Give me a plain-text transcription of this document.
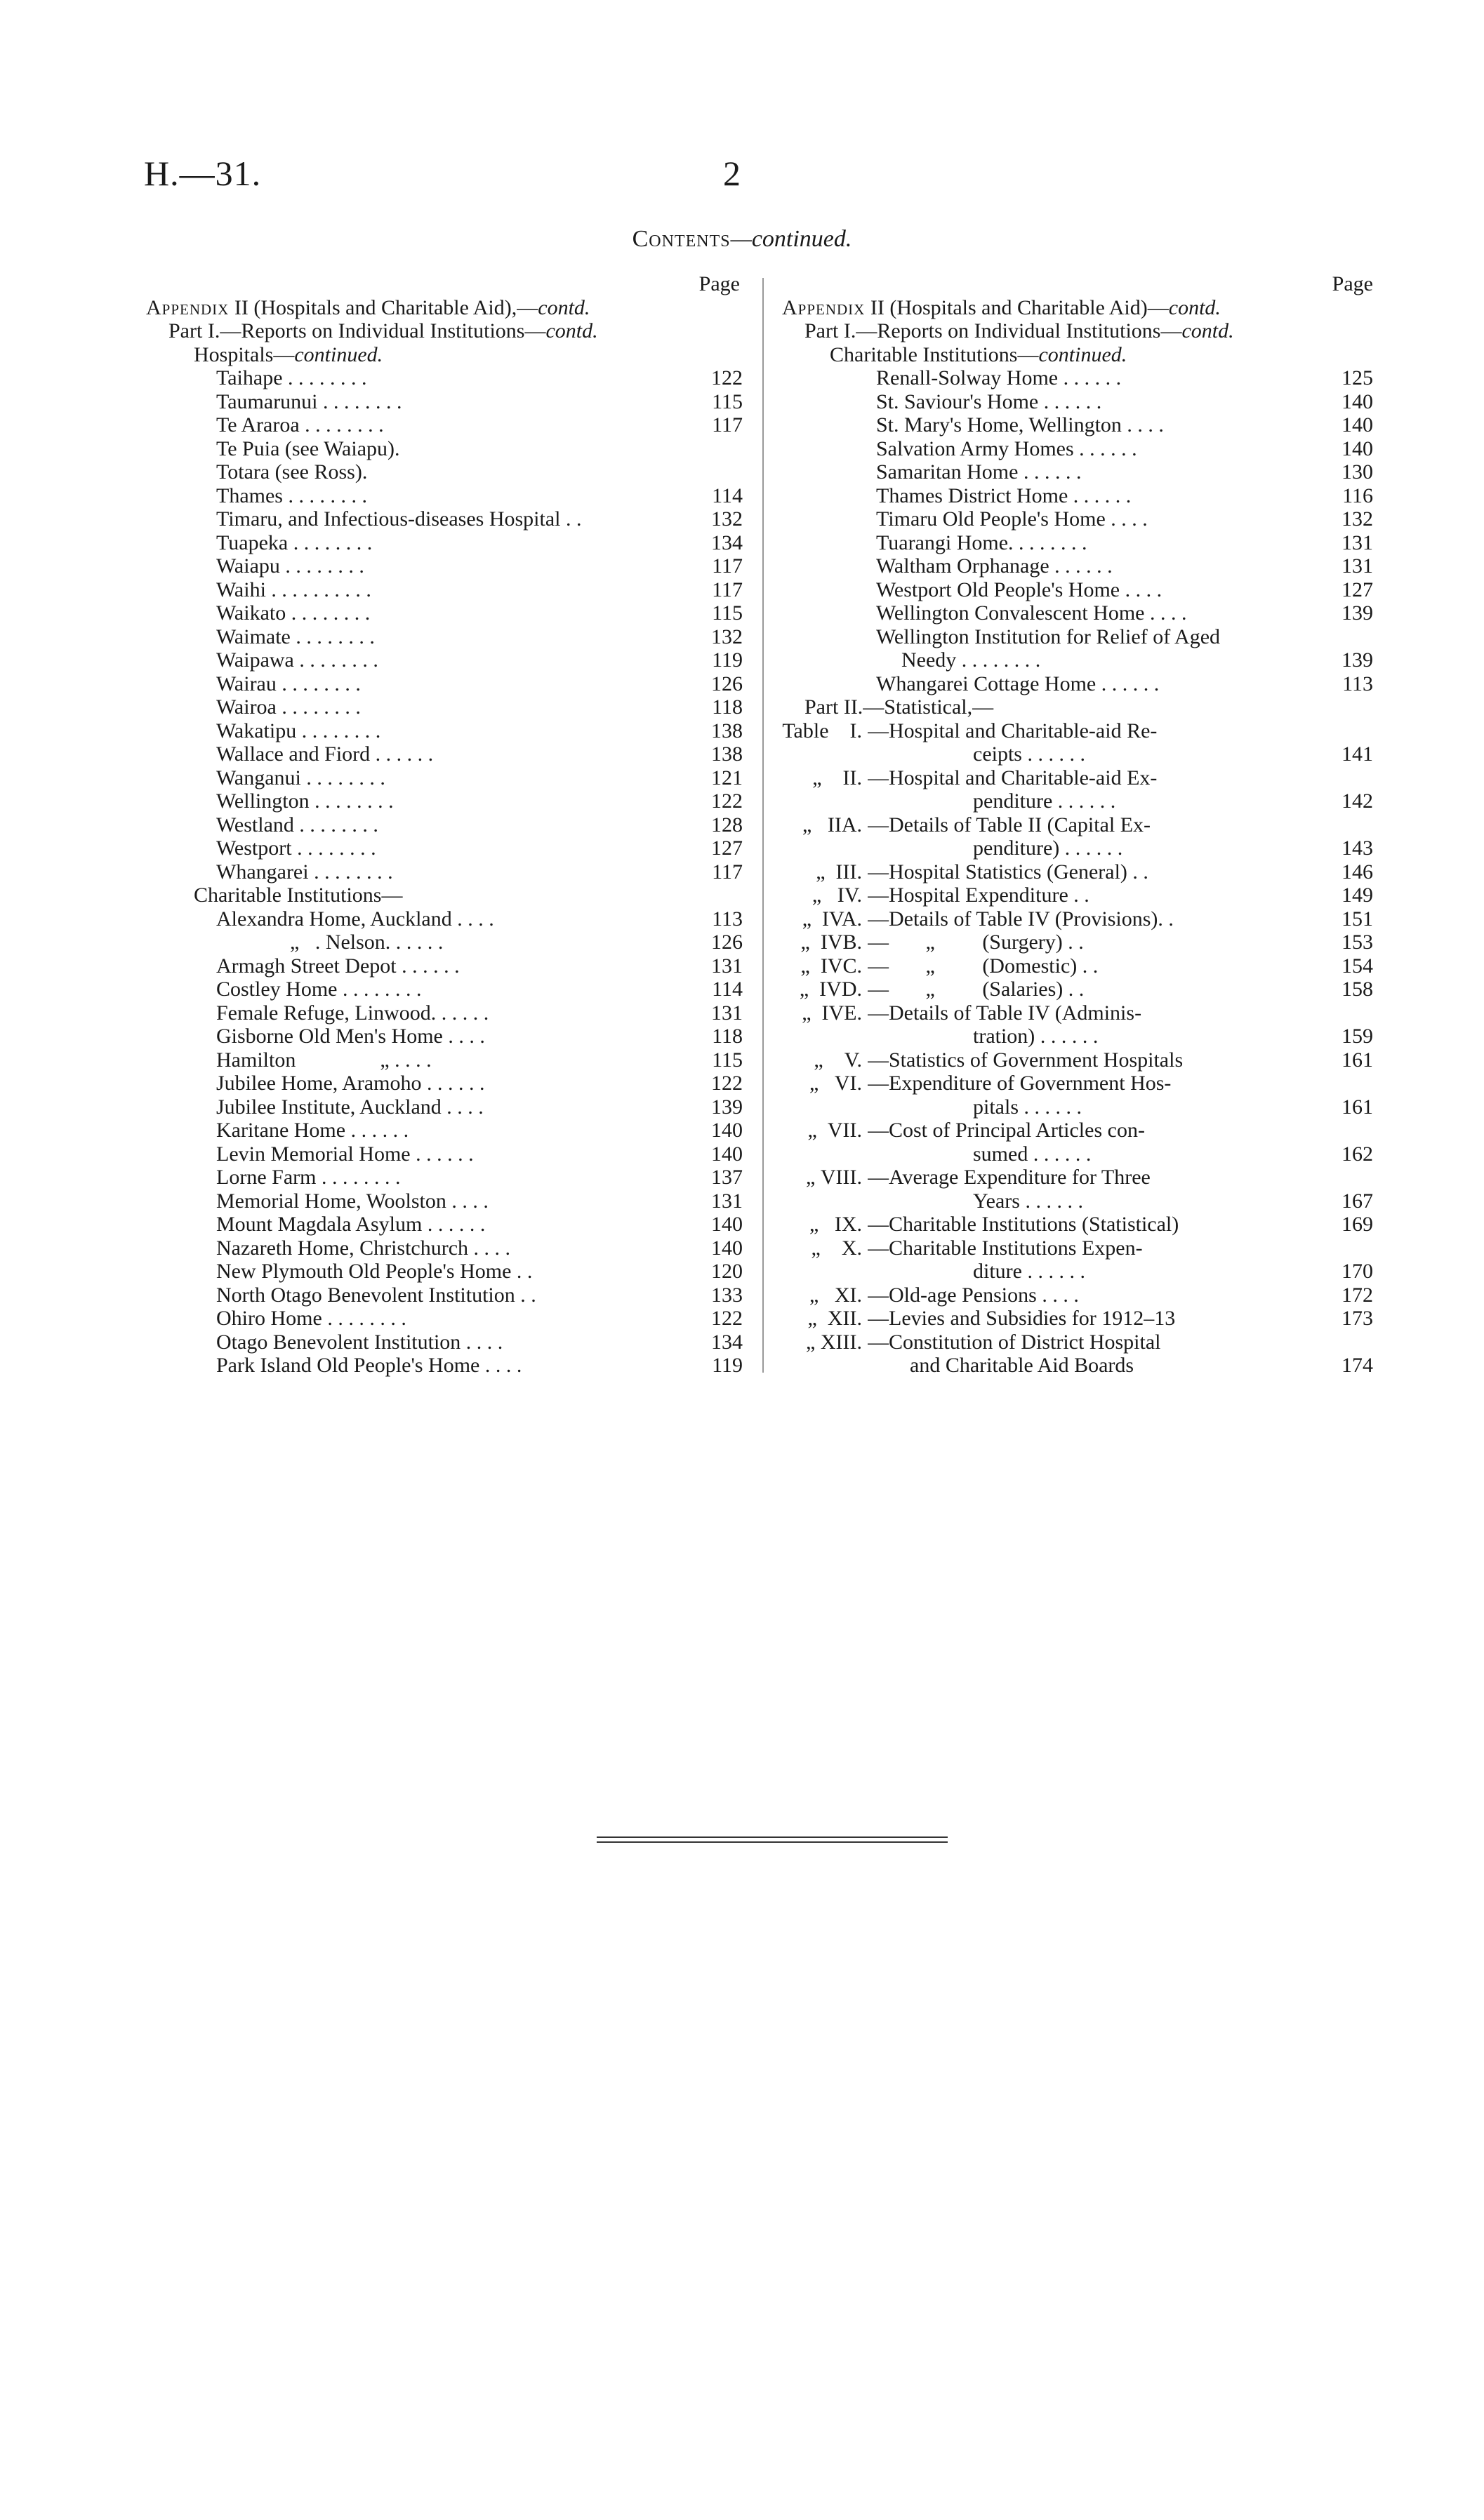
H.—31.	2
Contents—continued.
Page
Appendix II (Hospitals and Charitable Aid),—contd.
Part I.—Reports on Individual Institutions—contd.
Hospitals—continued.
Taihape . . . . . . . .	122
Taumarunui . . . . . . . .	115
Te Araroa . . . . . . . .	117
Te Puia (see Waiapu).
Totara (see Ross).
Thames . . . . . . . .	114
Timaru, and Infectious-diseases Hospital . .	132
Tuapeka . . . . . . . .	134
Waiapu . . . . . . . .	117
Waihi . . . . . . . . . .	117
Waikato . . . . . . . .	115
Waimate . . . . . . . .	132
Waipawa . . . . . . . .	119
Wairau . . . . . . . .	126
Wairoa . . . . . . . .	118
Wakatipu . . . . . . . .	138
Wallace and Fiord . . . . . .	138
Wanganui . . . . . . . .	121
Wellington . . . . . . . .	122
Westland . . . . . . . .	128
Westport . . . . . . . .	127
Whangarei . . . . . . . .	117
Charitable Institutions—
Alexandra Home, Auckland . . . .	113
„   . Nelson. . . . . .	126
Armagh Street Depot . . . . . .	131
Costley Home . . . . . . . .	114
Female Refuge, Linwood. . . . . .	131
Gisborne Old Men's Home . . . .	118
Hamilton                „ . . . .	115
Jubilee Home, Aramoho . . . . . .	122
Jubilee Institute, Auckland . . . .	139
Karitane Home . . . . . .	140
Levin Memorial Home . . . . . .	140
Lorne Farm . . . . . . . .	137
Memorial Home, Woolston . . . .	131
Mount Magdala Asylum . . . . . .	140
Nazareth Home, Christchurch . . . .	140
New Plymouth Old People's Home . .	120
North Otago Benevolent Institution . .	133
Ohiro Home . . . . . . . .	122
Otago Benevolent Institution . . . .	134
Park Island Old People's Home . . . .	119
Page
Appendix II (Hospitals and Charitable Aid)—contd.
Part I.—Reports on Individual Institutions—contd.
Charitable Institutions—continued.
Renall-Solway Home . . . . . .	125
St. Saviour's Home . . . . . .	140
St. Mary's Home, Wellington . . . .	140
Salvation Army Homes . . . . . .	140
Samaritan Home . . . . . .	130
Thames District Home . . . . . .	116
Timaru Old People's Home . . . .	132
Tuarangi Home. . . . . . . .	131
Waltham Orphanage . . . . . .	131
Westport Old People's Home . . . .	127
Wellington Convalescent Home . . . .	139
Wellington Institution for Relief of Aged
Needy . . . . . . . .	139
Whangarei Cottage Home . . . . . .	113
Part II.—Statistical,—
Table    I. —Hospital and Charitable-aid Re-
ceipts . . . . . .	141
„    II. —Hospital and Charitable-aid Ex-
penditure . . . . . .	142
„   IIA. —Details of Table II (Capital Ex-
penditure) . . . . . .	143
„  III. —Hospital Statistics (General) . .	146
„   IV. —Hospital Expenditure . .	149
„  IVA. —Details of Table IV (Provisions). .	151
„  IVB. —       „         (Surgery) . .	153
„  IVC. —       „         (Domestic) . .	154
„  IVD. —       „         (Salaries) . .	158
„  IVE. —Details of Table IV (Adminis-
tration) . . . . . .	159
„    V. —Statistics of Government Hospitals	161
„   VI. —Expenditure of Government Hos-
pitals . . . . . .	161
„  VII. —Cost of Principal Articles con-
sumed . . . . . .	162
„ VIII. —Average Expenditure for Three
Years . . . . . .	167
„   IX. —Charitable Institutions (Statistical)	169
„    X. —Charitable Institutions Expen-
diture . . . . . .	170
„   XI. —Old-age Pensions . . . .	172
„  XII. —Levies and Subsidies for 1912–13	173
„ XIII. —Constitution of District Hospital
and Charitable Aid Boards	174
